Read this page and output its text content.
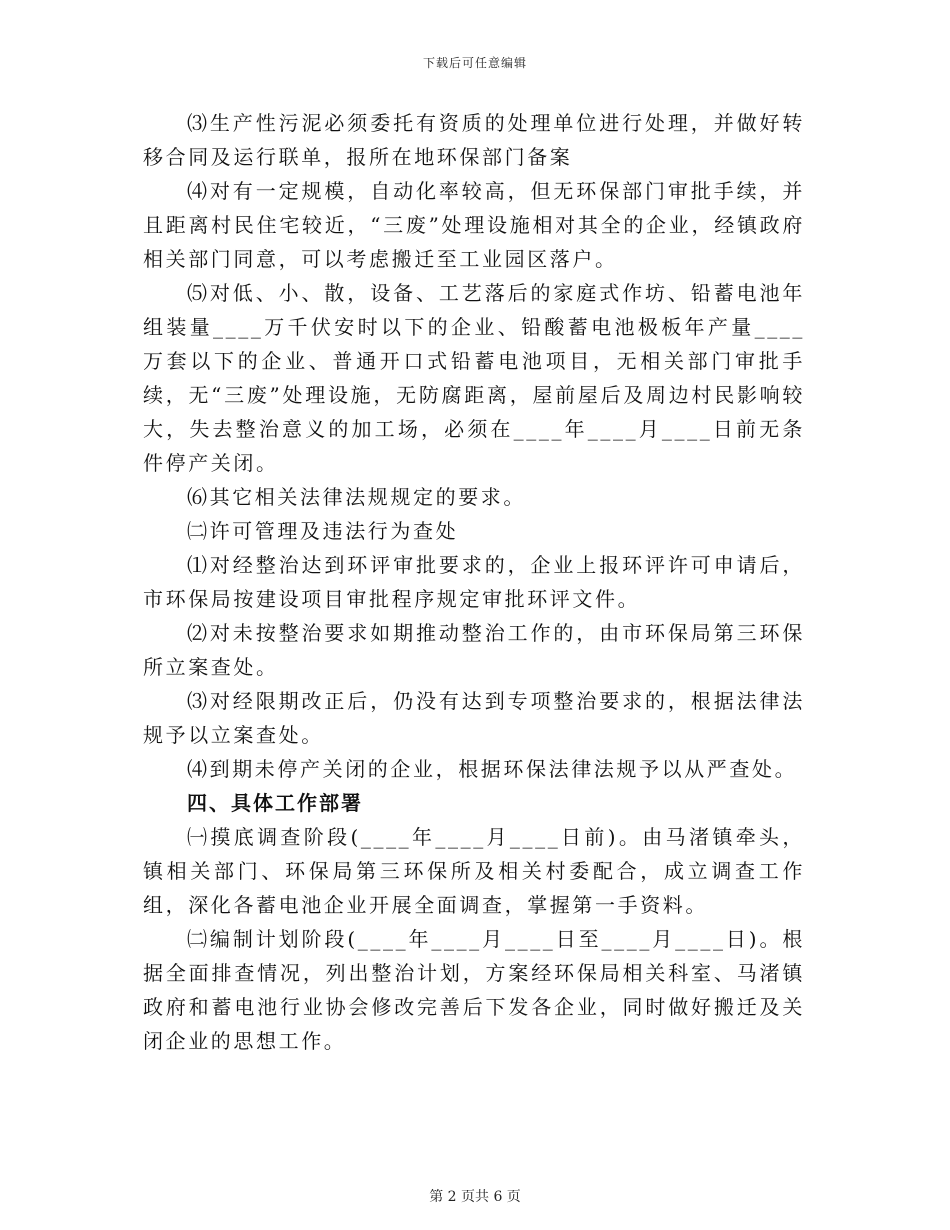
下载后可任意编辑

⑶生产性污泥必须委托有资质的处理单位进行处理，并做好转移合同及运行联单，报所在地环保部门备案

⑷对有一定规模，自动化率较高，但无环保部门审批手续，并且距离村民住宅较近，“三废”处理设施相对其全的企业，经镇政府相关部门同意，可以考虑搬迁至工业园区落户。

⑸对低、小、散，设备、工艺落后的家庭式作坊、铅蓄电池年组装量____万千伏安时以下的企业、铅酸蓄电池极板年产量____万套以下的企业、普通开口式铅蓄电池项目，无相关部门审批手续，无“三废”处理设施，无防腐距离，屋前屋后及周边村民影响较大，失去整治意义的加工场，必须在____年____月____日前无条件停产关闭。

⑹其它相关法律法规规定的要求。

㈡许可管理及违法行为查处

⑴对经整治达到环评审批要求的，企业上报环评许可申请后，市环保局按建设项目审批程序规定审批环评文件。

⑵对未按整治要求如期推动整治工作的，由市环保局第三环保所立案查处。

⑶对经限期改正后，仍没有达到专项整治要求的，根据法律法规予以立案查处。

⑷到期未停产关闭的企业，根据环保法律法规予以从严查处。

四、具体工作部署

㈠摸底调查阶段(____年____月____日前)。由马渚镇牵头，镇相关部门、环保局第三环保所及相关村委配合，成立调查工作组，深化各蓄电池企业开展全面调查，掌握第一手资料。

㈡编制计划阶段(____年____月____日至____月____日)。根据全面排查情况，列出整治计划，方案经环保局相关科室、马渚镇政府和蓄电池行业协会修改完善后下发各企业，同时做好搬迁及关闭企业的思想工作。

第 2 页共 6 页
